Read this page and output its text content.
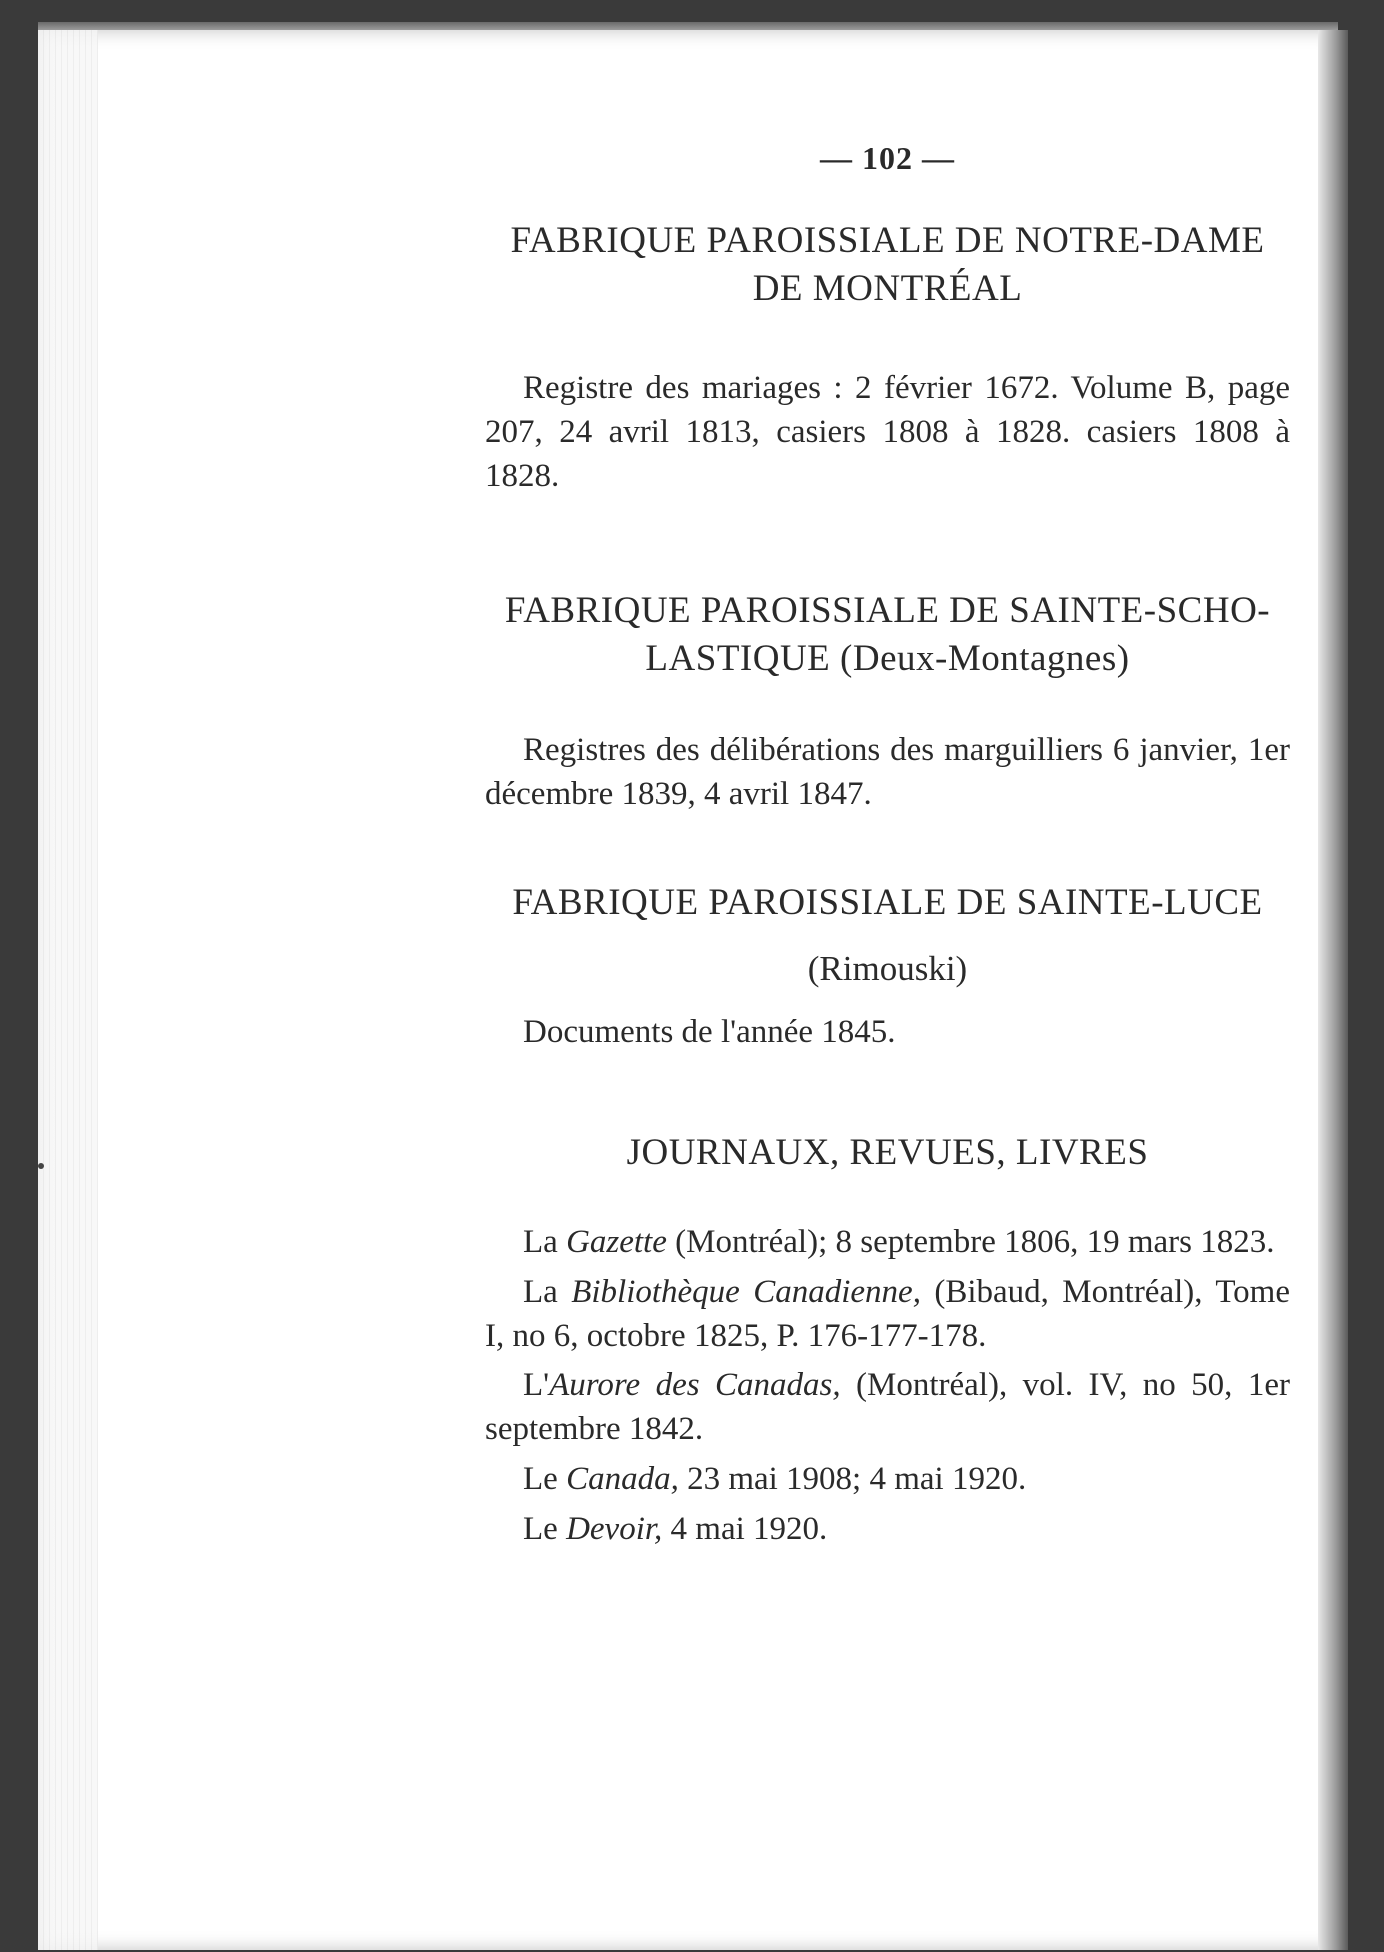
— 102 —
FABRIQUE PAROISSIALE DE NOTRE-DAME DE MONTRÉAL

Registre des mariages : 2 février 1672. Volume B, page 207, 24 avril 1813, casiers 1808 à 1828. casiers 1808 à 1828.

FABRIQUE PAROISSIALE DE SAINTE-SCHO-LASTIQUE (Deux-Montagnes)

Registres des délibérations des marguilliers 6 janvier, 1er décembre 1839, 4 avril 1847.

FABRIQUE PAROISSIALE DE SAINTE-LUCE
(Rimouski)

Documents de l'année 1845.

JOURNAUX, REVUES, LIVRES

La Gazette (Montréal); 8 septembre 1806, 19 mars 1823.

La Bibliothèque Canadienne, (Bibaud, Montréal), Tome I, no 6, octobre 1825, P. 176-177-178.

L'Aurore des Canadas, (Montréal), vol. IV, no 50, 1er septembre 1842.

Le Canada, 23 mai 1908; 4 mai 1920.

Le Devoir, 4 mai 1920.
